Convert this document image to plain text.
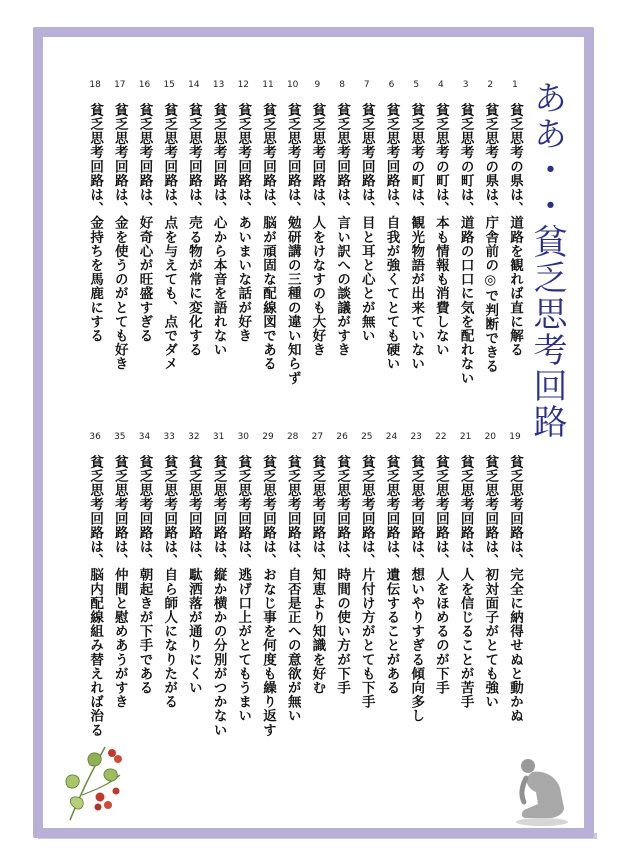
ああ・・貧乏思考回路
1
貧乏思考の県は、道路を観れば直に解る
2
貧乏思考の県は、庁舎前の◎で判断できる
3
貧乏思考の町は、道路の口口に気を配れない
4
貧乏思考の町は、本も情報も消費しない
5
貧乏思考の町は、観光物語が出来ていない
6
貧乏思考回路は、自我が強くてとても硬い
7
貧乏思考回路は、目と耳と心とが無い
8
貧乏思考回路は、言い訳への談議がすき
9
貧乏思考回路は、人をけなすのも大好き
10
貧乏思考回路は、勉研講の三種の違い知らず
11
貧乏思考回路は、脳が頑固な配線図である
12
貧乏思考回路は、あいまいな話が好き
13
貧乏思考回路は、心から本音を語れない
14
貧乏思考回路は、売る物が常に変化する
15
貧乏思考回路は、点を与えても、点でダメ
16
貧乏思考回路は、好奇心が旺盛すぎる
17
貧乏思考回路は、金を使うのがとても好き
18
貧乏思考回路は、金持ちを馬鹿にする
19
貧乏思考回路は、完全に納得せぬと動かぬ
20
貧乏思考回路は、初対面子がとても強い
21
貧乏思考回路は、人を信じることが苦手
22
貧乏思考回路は、人をほめるのが下手
23
貧乏思考回路は、想いやりすぎる傾向多し
24
貧乏思考回路は、遺伝することがある
25
貧乏思考回路は、片付け方がとても下手
26
貧乏思考回路は、時間の使い方が下手
27
貧乏思考回路は、知恵より知識を好む
28
貧乏思考回路は、自否是正への意欲が無い
29
貧乏思考回路は、おなじ事を何度も繰り返す
30
貧乏思考回路は、逃げ口上がとてもうまい
31
貧乏思考回路は、縦か横かの分別がつかない
32
貧乏思考回路は、駄洒落が通りにくい
33
貧乏思考回路は、自ら師人になりたがる
34
貧乏思考回路は、朝起きが下手である
35
貧乏思考回路は、仲間と慰めあうがすき
36
貧乏思考回路は、脳内配線組み替えれば治る
